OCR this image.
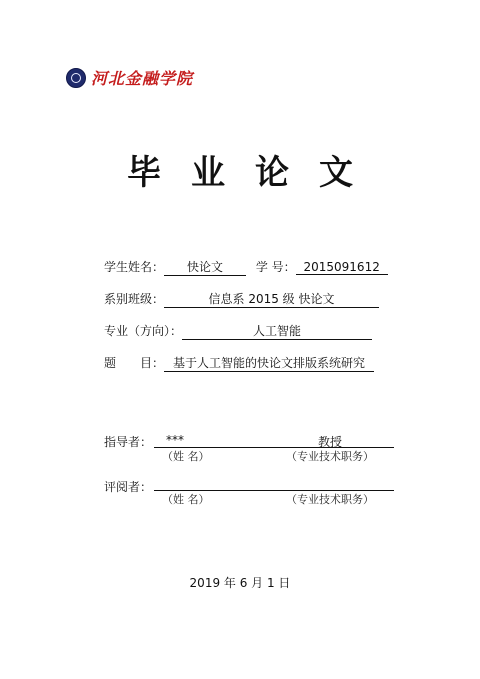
河北金融学院
毕业论文
学生姓名： 快论文	学 号： 2015091612
系别班级：	信息系 2015 级 快论文
专业（方向）：	人工智能
题　　目： 基于人工智能的快论文排版系统研究
指导者： ***	教授
（姓 名）	（专业技术职务）
评阅者：
（姓 名）	（专业技术职务）
2019 年 6 月 1 日
